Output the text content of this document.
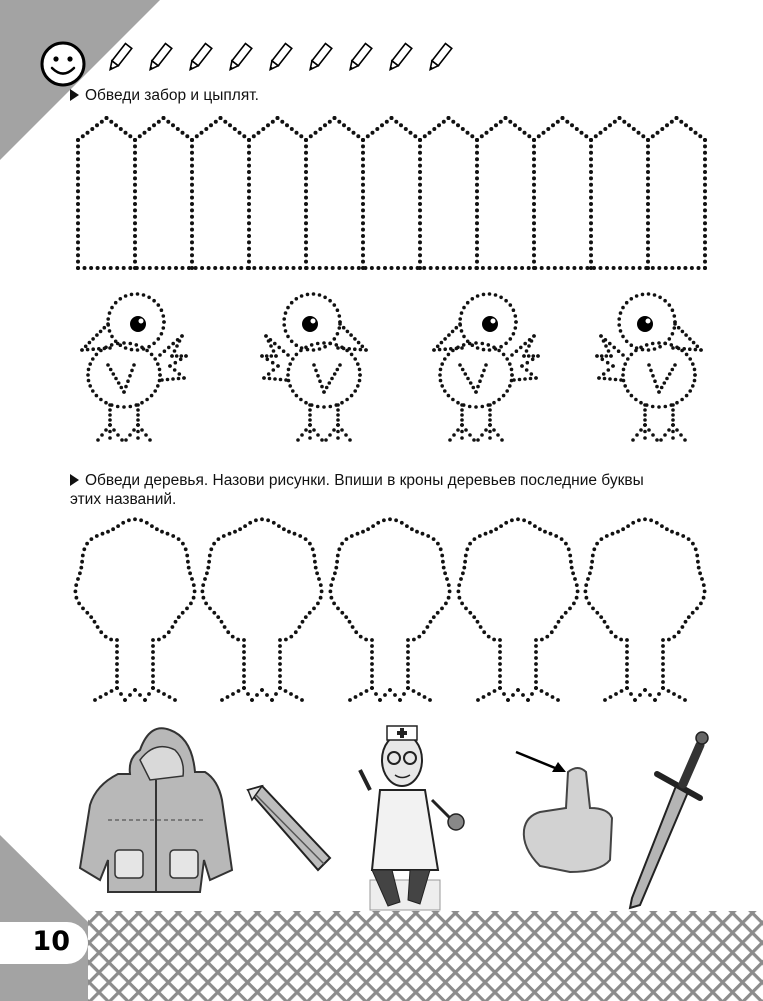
10
Обведи забор и цыплят.
Обведи деревья. Назови рисунки. Впиши в кроны деревьев последние буквы
этих названий.
